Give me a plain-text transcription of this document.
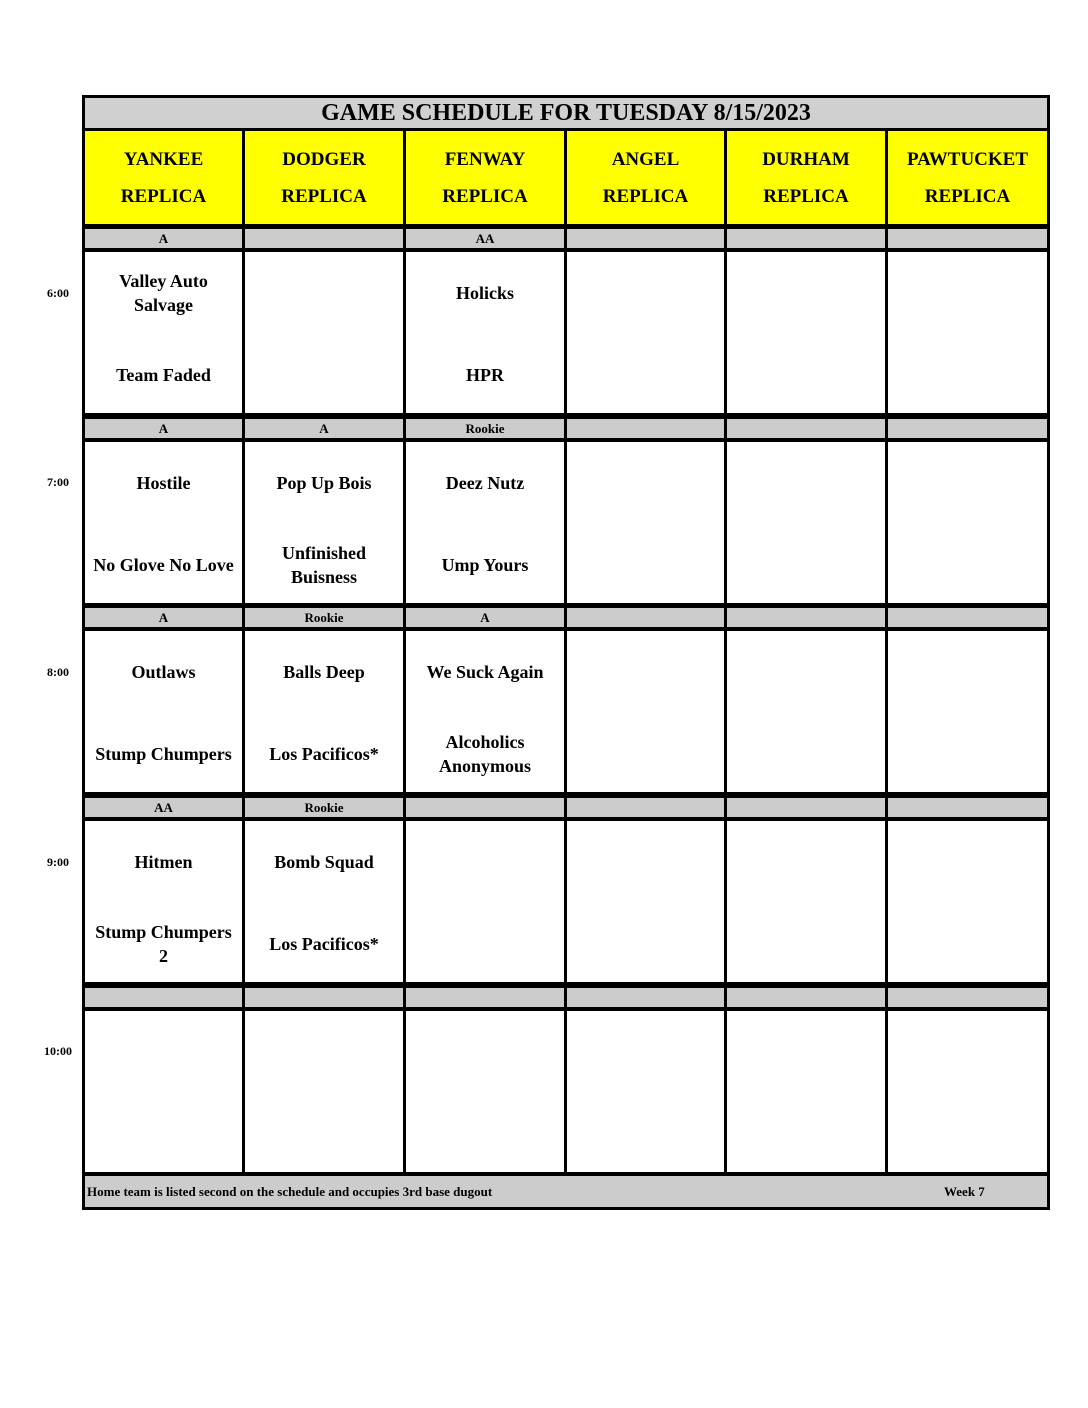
GAME SCHEDULE FOR TUESDAY 8/15/2023
YANKEE
REPLICA
DODGER
REPLICA
FENWAY
REPLICA
ANGEL
REPLICA
DURHAM
REPLICA
PAWTUCKET
REPLICA
6:00
A
Valley Auto
Salvage
Team Faded
AA
Holicks
HPR
7:00
A
Hostile
No Glove No Love
A
Pop Up Bois
Unfinished
Buisness
Rookie
Deez Nutz
Ump Yours
8:00
A
Outlaws
Stump Chumpers
Rookie
Balls Deep
Los Pacificos*
A
We Suck Again
Alcoholics
Anonymous
9:00
AA
Hitmen
Stump Chumpers
2
Rookie
Bomb Squad
Los Pacificos*
10:00
Home team is listed second on the schedule and occupies 3rd base dugout	Week 7
